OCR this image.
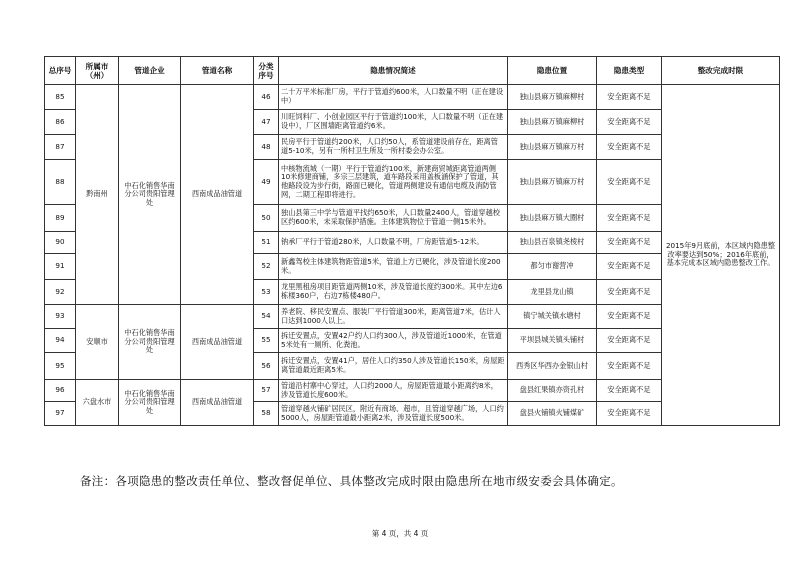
总序号	所属市（州）	管道企业	管道名称	分类序号	隐患情况简述	隐患位置	隐患类型	整改完成时限
85	黔南州	中石化销售华南分公司贵阳管理处	西南成品油管道	46	二十万平米标准厂房，平行于管道约600米，人口数量不明（正在建设中）	独山县麻万镇麻柳村	安全距离不足	2015年9月底前，本区域内隐患整改率要达到50%；2016年底前，基本完成本区域内隐患整改工作。
86				47	川旺饲料厂、小创业园区平行于管道约100米，人口数量不明（正在建设中），厂区围墙距离管道约6米。	独山县麻万镇麻柳村	安全距离不足	
87				48	民房平行于管道约200米，人口约50人，系管道建设前存在，距离管道5-10米，另有一所村卫生所及一所村委会办公室。	独山县麻万镇麻万村	安全距离不足	
88				49	中核物流城（一期）平行于管道约100米，新建商贸城距离管道两侧10米修建商铺，多宗三层建筑，道车路段采用盖板涵保护了管道，其他路段设为步行街，路面已硬化，管道两侧建设有通信电缆及消防管网，二期工程即将进行。	独山县麻万镇麻万村	安全距离不足	
89				50	独山县第三中学与管道平找约650米，人口数量2400人，管道穿越校区约600米，未采取保护措施。主体建筑物位于管道一侧15米外。	独山县麻万镇大圈村	安全距离不足	
90				51	钠承厂平行于管道280米，人口数量不明，厂房距管道5-12米。	独山县百泉镇尧棱村	安全距离不足	
91				52	新鑫驾校主体建筑物距管道5米，管道上方已硬化，涉及管道长度200米。	都匀市谢营冲	安全距离不足	
92				53	龙里黑租房项目距管道两侧10米，涉及管道长度约300米。其中左边6栋楼360户，右边7栋楼480户。	龙里县龙山镇	安全距离不足	
93	安顺市	中石化销售华南分公司贵阳管理处	西南成品油管道	54	养老院、移民安置点、服装厂平行管道300米，距离管道7米，估计人口达到1000人以上。	镇宁城关镇水塘村	安全距离不足	
94				55	拆迁安置点，安置42户约人口约300人，涉及管道近1000米，在管道5米处有一厕所、化粪池。	平坝县城关镇头铺村	安全距离不足	
95				56	拆迁安置点，安置41户，居住人口约350人涉及管道长150米，房屋距离管道最近距离5米。	西秀区华西办金银山村	安全距离不足	
96	六盘水市	中石化销售华南分公司贵阳管理处	西南成品油管道	57	管道沿村寨中心穿过，人口约2000人，房屋距管道最小距离约8米，涉及管道长度600米。	盘县红果镇亦资孔村	安全距离不足	
97				58	管道穿越火铺矿居民区，附近有商场、超市，且管道穿越广场，人口约5000人，房屋距管道最小距离2米，涉及管道长度500米。	盘县火铺镇火铺煤矿	安全距离不足	
备注：各项隐患的整改责任单位、整改督促单位、具体整改完成时限由隐患所在地市级安委会具体确定。
第 4 页，共 4 页
